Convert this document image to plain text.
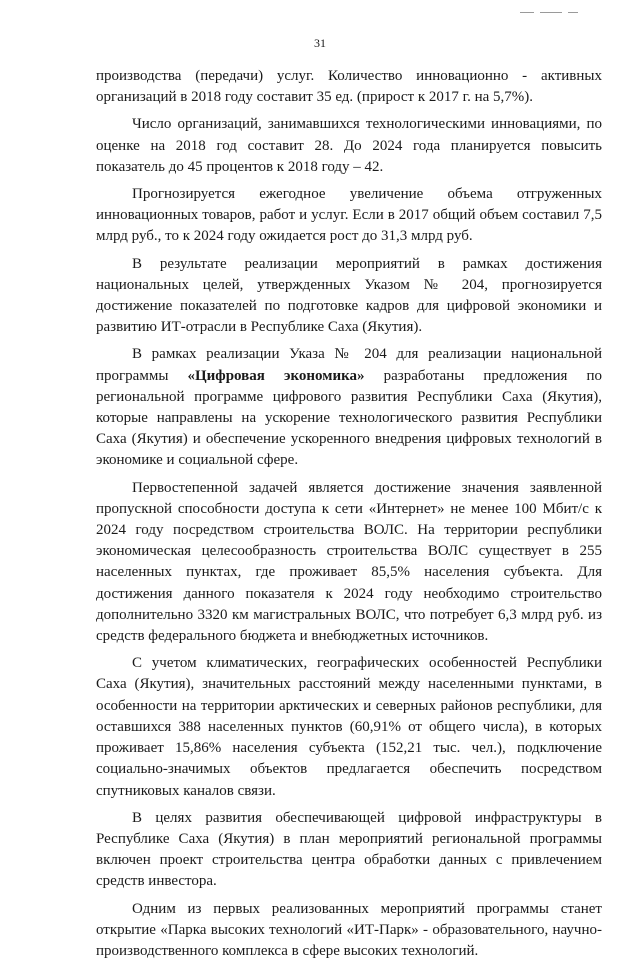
31

производства (передачи) услуг. Количество инновационно - активных организаций в 2018 году составит 35 ед. (прирост к 2017 г. на 5,7%).

Число организаций, занимавшихся технологическими инновациями, по оценке на 2018 год составит 28. До 2024 года планируется повысить показатель до 45 процентов к 2018 году – 42.

Прогнозируется ежегодное увеличение объема отгруженных инновационных товаров, работ и услуг. Если в 2017 общий объем составил 7,5 млрд руб., то к 2024 году ожидается рост до 31,3 млрд руб.

В результате реализации мероприятий в рамках достижения национальных целей, утвержденных Указом № 204, прогнозируется достижение показателей по подготовке кадров для цифровой экономики и развитию ИТ-отрасли в Республике Саха (Якутия).

В рамках реализации Указа № 204 для реализации национальной программы «Цифровая экономика» разработаны предложения по региональной программе цифрового развития Республики Саха (Якутия), которые направлены на ускорение технологического развития Республики Саха (Якутия) и обеспечение ускоренного внедрения цифровых технологий в экономике и социальной сфере.

Первостепенной задачей является достижение значения заявленной пропускной способности доступа к сети «Интернет» не менее 100 Мбит/с к 2024 году посредством строительства ВОЛС. На территории республики экономическая целесообразность строительства ВОЛС существует в 255 населенных пунктах, где проживает 85,5% населения субъекта. Для достижения данного показателя к 2024 году необходимо строительство дополнительно 3320 км магистральных ВОЛС, что потребует 6,3 млрд руб. из средств федерального бюджета и внебюджетных источников.

С учетом климатических, географических особенностей Республики Саха (Якутия), значительных расстояний между населенными пунктами, в особенности на территории арктических и северных районов республики, для оставшихся 388 населенных пунктов (60,91% от общего числа), в которых проживает 15,86% населения субъекта (152,21 тыс. чел.), подключение социально-значимых объектов предлагается обеспечить посредством спутниковых каналов связи.

В целях развития обеспечивающей цифровой инфраструктуры в Республике Саха (Якутия) в план мероприятий региональной программы включен проект строительства центра обработки данных с привлечением средств инвестора.

Одним из первых реализованных мероприятий программы станет открытие «Парка высоких технологий «ИТ-Парк» - образовательного, научно-производственного комплекса в сфере высоких технологий.
